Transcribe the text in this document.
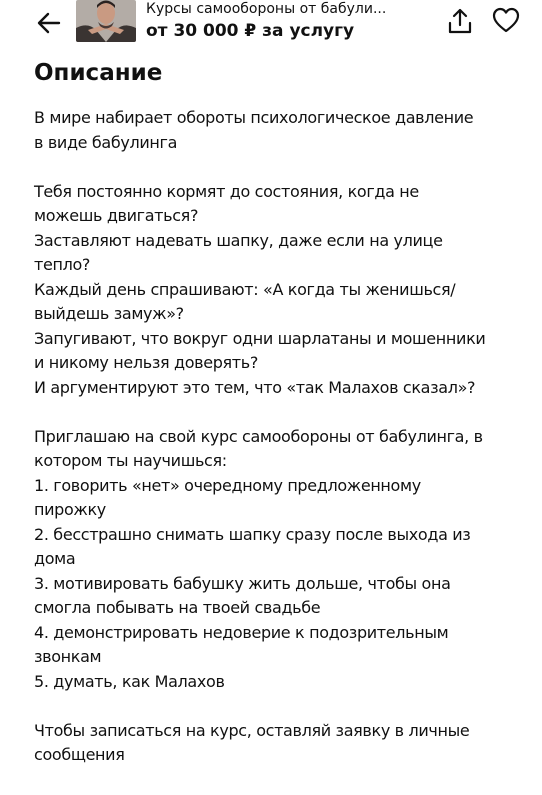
Курсы самообороны от бабули...
от 30 000 ₽ за услугу
Описание
В мире набирает обороты психологическое давление
в виде бабулинга
Тебя постоянно кормят до состояния, когда не
можешь двигаться?
Заставляют надевать шапку, даже если на улице
тепло?
Каждый день спрашивают: «А когда ты женишься/
выйдешь замуж»?
Запугивают, что вокруг одни шарлатаны и мошенники
и никому нельзя доверять?
И аргументируют это тем, что «так Малахов сказал»?
Приглашаю на свой курс самообороны от бабулинга, в
котором ты научишься:
1. говорить «нет» очередному предложенному
пирожку
2. бесстрашно снимать шапку сразу после выхода из
дома
3. мотивировать бабушку жить дольше, чтобы она
смогла побывать на твоей свадьбе
4. демонстрировать недоверие к подозрительным
звонкам
5. думать, как Малахов
Чтобы записаться на курс, оставляй заявку в личные
сообщения
